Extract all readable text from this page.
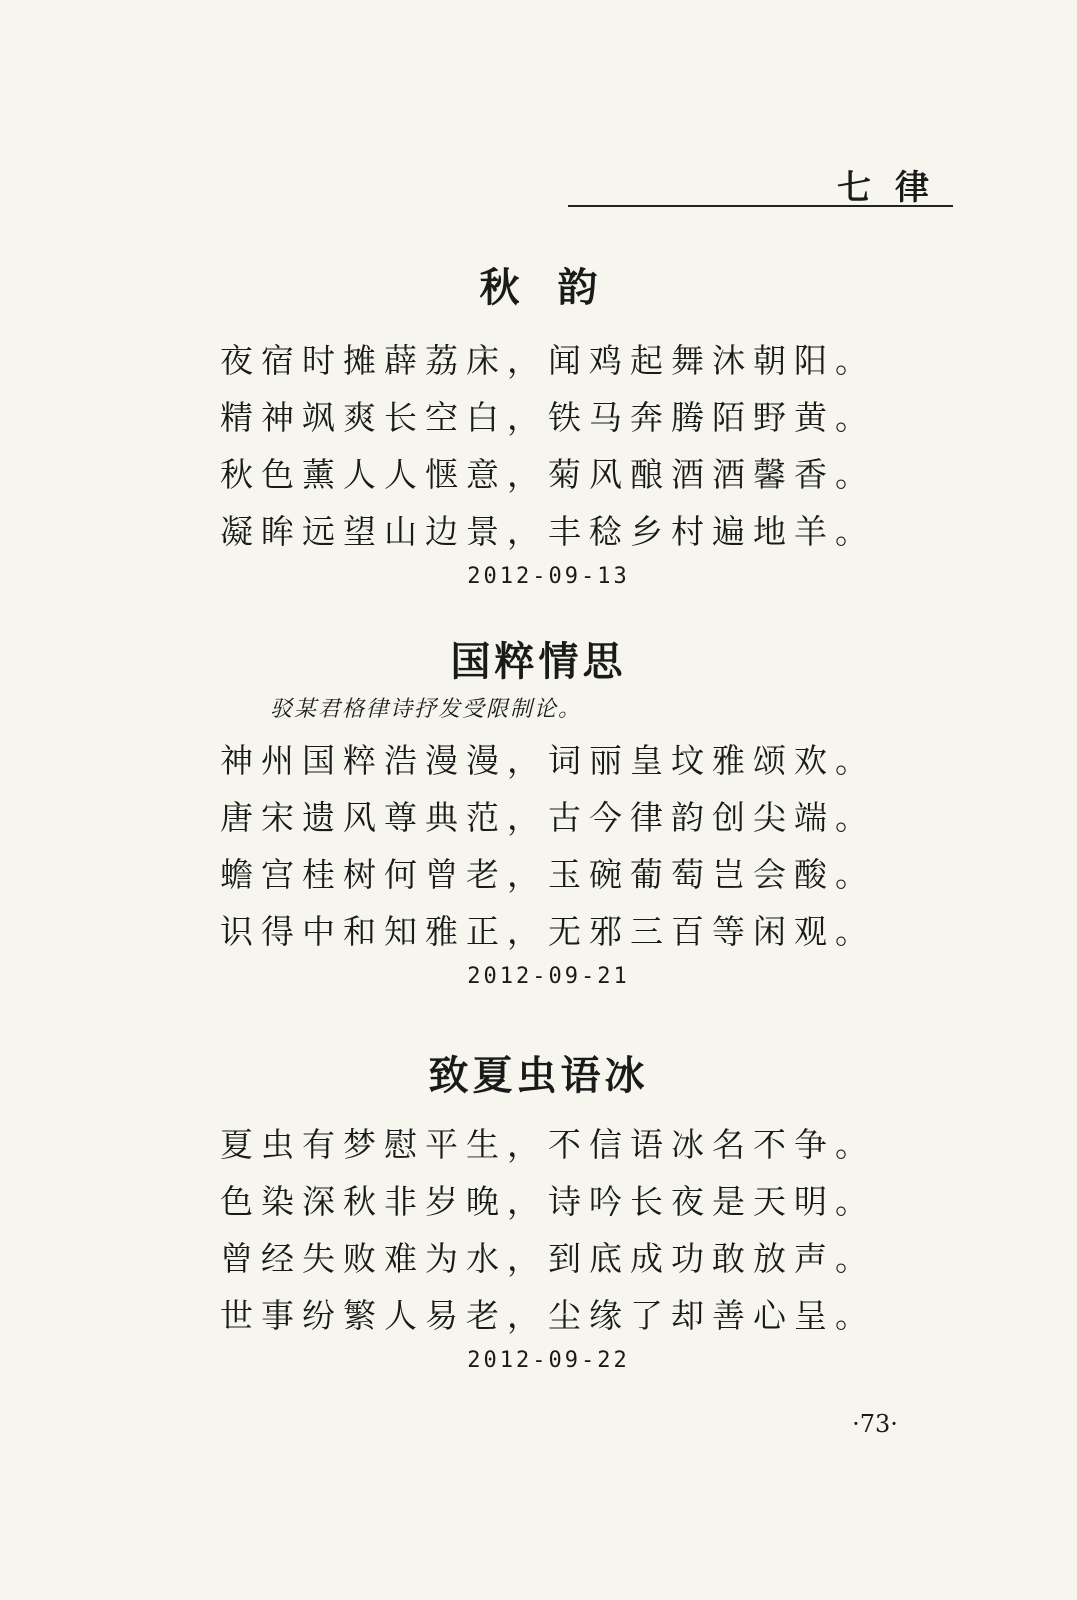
七律
秋韵
夜宿时摊薜荔床，闻鸡起舞沐朝阳。
精神飒爽长空白，铁马奔腾陌野黄。
秋色薰人人惬意，菊风酿酒酒馨香。
凝眸远望山边景，丰稔乡村遍地羊。
2012-09-13
国粹情思
驳某君格律诗抒发受限制论。
神州国粹浩漫漫，词丽皇坟雅颂欢。
唐宋遗风尊典范，古今律韵创尖端。
蟾宫桂树何曾老，玉碗葡萄岂会酸。
识得中和知雅正，无邪三百等闲观。
2012-09-21
致夏虫语冰
夏虫有梦慰平生，不信语冰名不争。
色染深秋非岁晚，诗吟长夜是天明。
曾经失败难为水，到底成功敢放声。
世事纷繁人易老，尘缘了却善心呈。
2012-09-22
·73·
